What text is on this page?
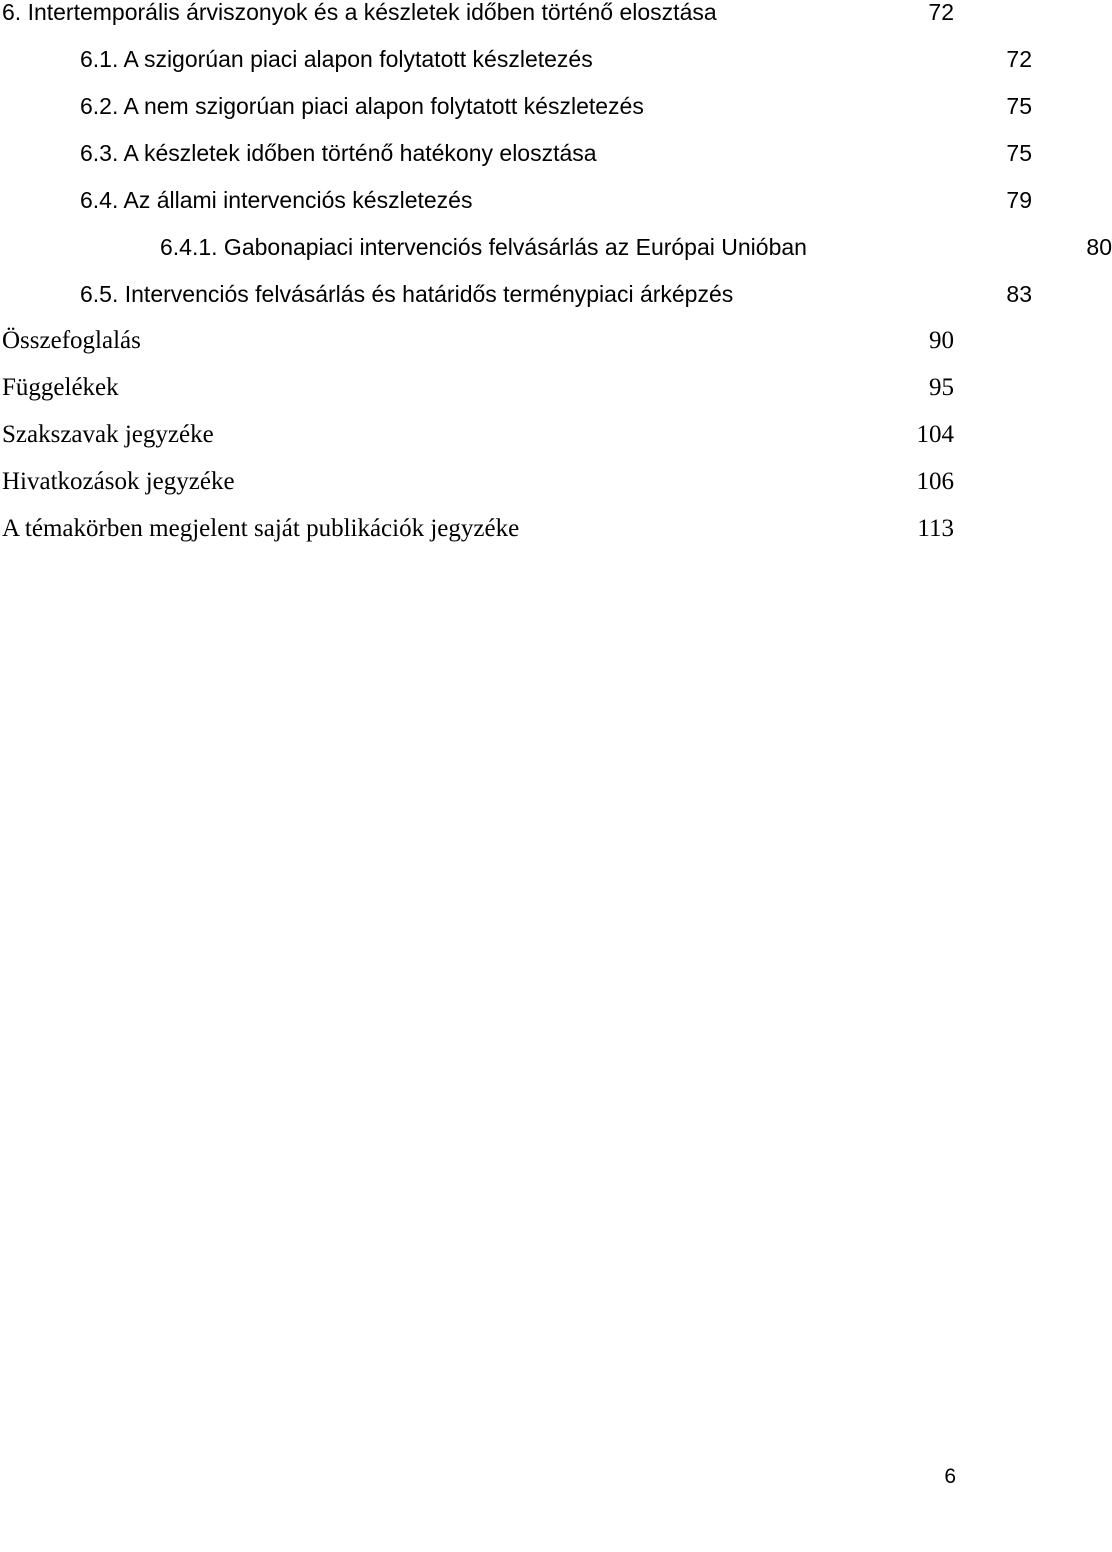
6. Intertemporális árviszonyok és a készletek időben történő elosztása	72
6.1. A szigorúan piaci alapon folytatott készletezés	72
6.2. A nem szigorúan piaci alapon folytatott készletezés	75
6.3. A készletek időben történő hatékony elosztása	75
6.4. Az állami intervenciós készletezés	79
6.4.1. Gabonapiaci intervenciós felvásárlás az Európai Unióban	80
6.5. Intervenciós felvásárlás és határidős terménypiaci árképzés	83
Összefoglalás	90
Függelékek	95
Szakszavak jegyzéke	104
Hivatkozások jegyzéke	106
A témakörben megjelent saját publikációk jegyzéke	113
6
